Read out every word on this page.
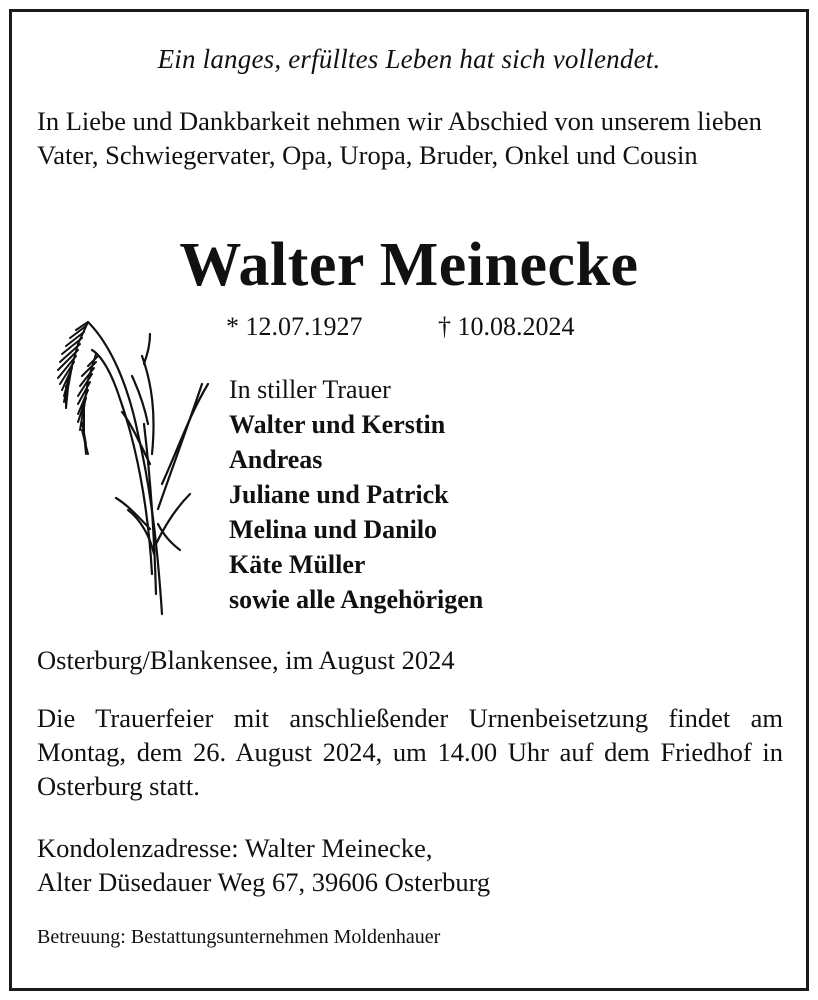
Ein langes, erfülltes Leben hat sich vollendet.

In Liebe und Dankbarkeit nehmen wir Abschied von unserem lieben Vater, Schwiegervater, Opa, Uropa, Bruder, Onkel und Cousin

Walter Meinecke
* 12.07.1927	† 10.08.2024

In stiller Trauer

Walter und Kerstin
Andreas
Juliane und Patrick
Melina und Danilo
Käte Müller
sowie alle Angehörigen

Osterburg/Blankensee, im August 2024

Die Trauerfeier mit anschließender Urnenbeisetzung findet am Montag, dem 26. August 2024, um 14.00 Uhr auf dem Friedhof in Osterburg statt.

Kondolenzadresse: Walter Meinecke,
Alter Düsedauer Weg 67, 39606 Osterburg

Betreuung: Bestattungsunternehmen Moldenhauer
